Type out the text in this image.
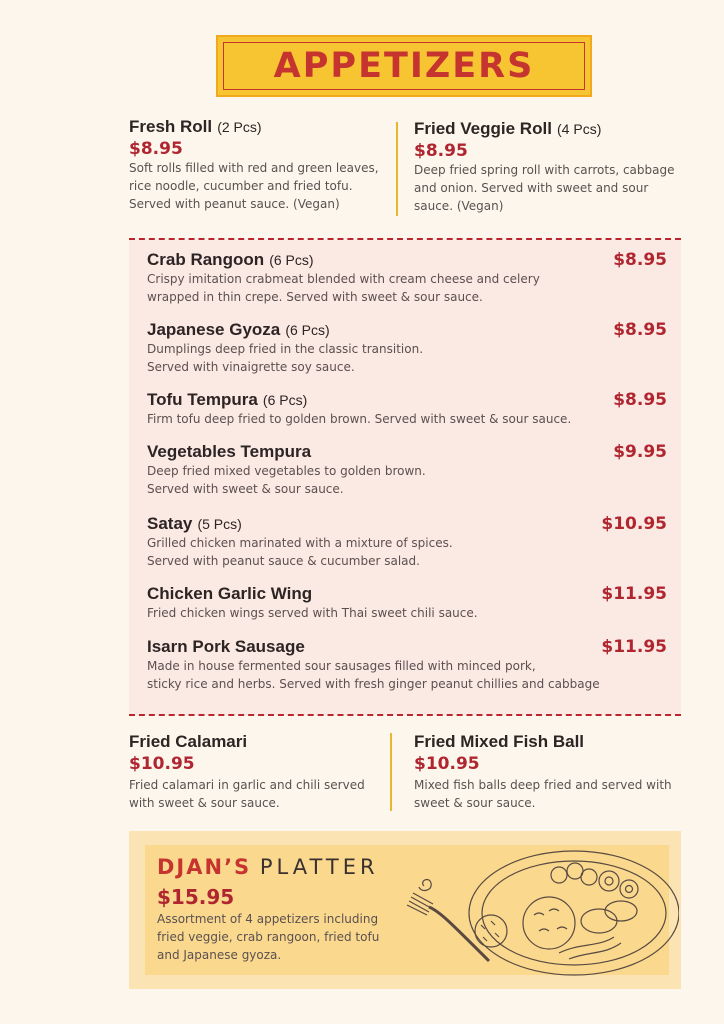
APPETIZERS
Fresh Roll (2 Pcs)
$8.95
Soft rolls filled with red and green leaves,
rice noodle, cucumber and fried tofu.
Served with peanut sauce. (Vegan)
Fried Veggie Roll (4 Pcs)
$8.95
Deep fried spring roll with carrots, cabbage
and onion. Served with sweet and sour
sauce. (Vegan)
Crab Rangoon (6 Pcs)	$8.95
Crispy imitation crabmeat blended with cream cheese and celery
wrapped in thin crepe. Served with sweet & sour sauce.
Japanese Gyoza (6 Pcs)	$8.95
Dumplings deep fried in the classic transition.
Served with vinaigrette soy sauce.
Tofu Tempura (6 Pcs)	$8.95
Firm tofu deep fried to golden brown. Served with sweet & sour sauce.
Vegetables Tempura	$9.95
Deep fried mixed vegetables to golden brown.
Served with sweet & sour sauce.
Satay (5 Pcs)	$10.95
Grilled chicken marinated with a mixture of spices.
Served with peanut sauce & cucumber salad.
Chicken Garlic Wing	$11.95
Fried chicken wings served with Thai sweet chili sauce.
Isarn Pork Sausage	$11.95
Made in house fermented sour sausages filled with minced pork,
sticky rice and herbs. Served with fresh ginger peanut chillies and cabbage
Fried Calamari
$10.95
Fried calamari in garlic and chili served
with sweet & sour sauce.
Fried Mixed Fish Ball
$10.95
Mixed fish balls deep fried and served with
sweet & sour sauce.
DJAN’S PLATTER
$15.95
Assortment of 4 appetizers including
fried veggie, crab rangoon, fried tofu
and Japanese gyoza.
